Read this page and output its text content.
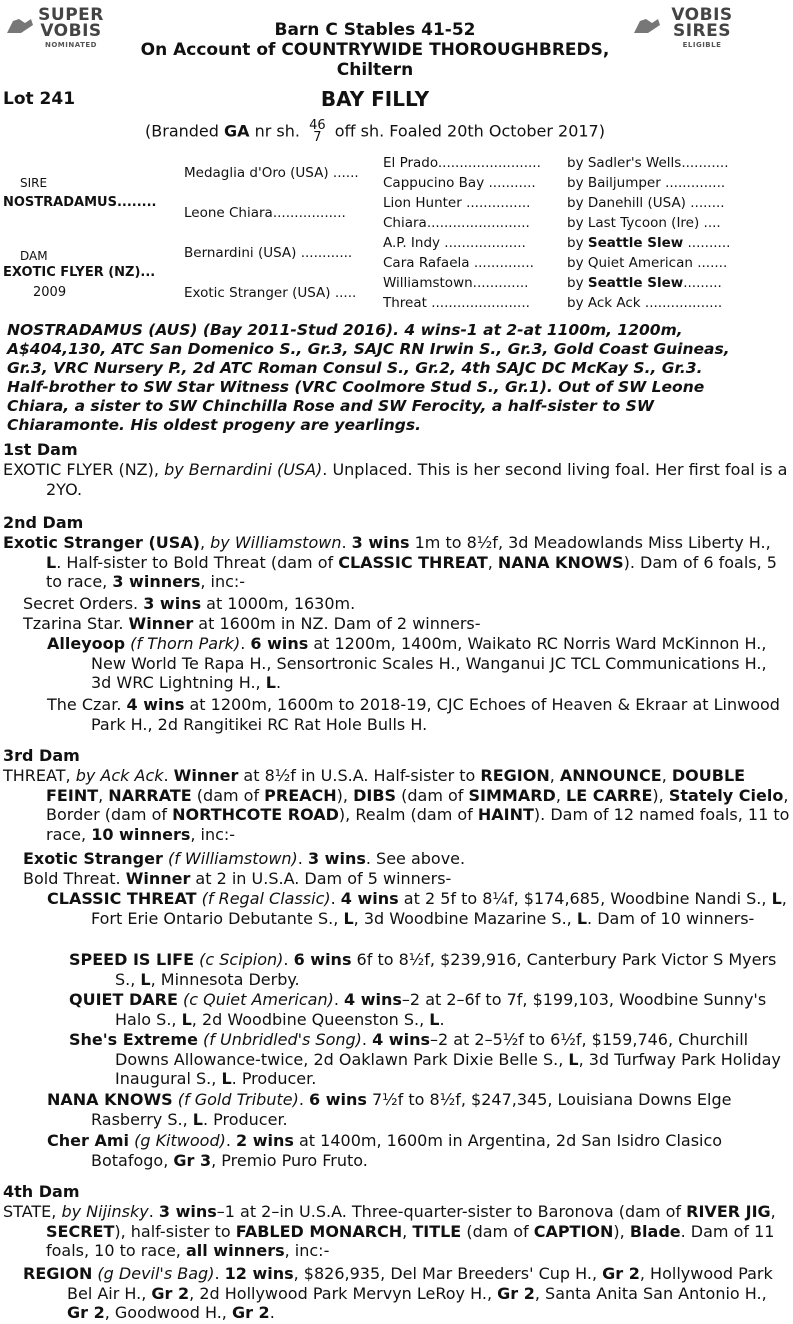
SUPER
VOBIS
NOMINATED
VOBIS
SIRES
ELIGIBLE
Barn C Stables 41-52
On Account of COUNTRYWIDE THOROUGHBREDS,
Chiltern
Lot 241	BAY FILLY
(Branded GA nr sh. 46
7 off sh. Foaled 20th October 2017)
SIRE
NOSTRADAMUS........
DAM
EXOTIC FLYER (NZ)...
2009
Medaglia d'Oro (USA) ......
Leone Chiara.................
Bernardini (USA) ............
Exotic Stranger (USA) .....
El Prado........................
Cappucino Bay ...........
Lion Hunter ...............
Chiara........................
A.P. Indy ...................
Cara Rafaela ..............
Williamstown.............
Threat .......................
by Sadler's Wells...........
by Bailjumper ..............
by Danehill (USA) ........
by Last Tycoon (Ire) ....
by Seattle Slew ..........
by Quiet American .......
by Seattle Slew.........
by Ack Ack ..................
NOSTRADAMUS (AUS) (Bay 2011-Stud 2016). 4 wins-1 at 2-at 1100m, 1200m, A$404,130, ATC San Domenico S., Gr.3, SAJC RN Irwin S., Gr.3, Gold Coast Guineas, Gr.3, VRC Nursery P., 2d ATC Roman Consul S., Gr.2, 4th SAJC DC McKay S., Gr.3. Half-brother to SW Star Witness (VRC Coolmore Stud S., Gr.1). Out of SW Leone Chiara, a sister to SW Chinchilla Rose and SW Ferocity, a half-sister to SW Chiaramonte. His oldest progeny are yearlings.
1st Dam
EXOTIC FLYER (NZ), by Bernardini (USA). Unplaced. This is her second living foal. Her first foal is a 2YO.
2nd Dam
Exotic Stranger (USA), by Williamstown. 3 wins 1m to 8½f, 3d Meadowlands Miss Liberty H., L. Half-sister to Bold Threat (dam of CLASSIC THREAT, NANA KNOWS). Dam of 6 foals, 5 to race, 3 winners, inc:-
Secret Orders. 3 wins at 1000m, 1630m.
Tzarina Star. Winner at 1600m in NZ. Dam of 2 winners-
Alleyoop (f Thorn Park). 6 wins at 1200m, 1400m, Waikato RC Norris Ward McKinnon H., New World Te Rapa H., Sensortronic Scales H., Wanganui JC TCL Communications H., 3d WRC Lightning H., L.
The Czar. 4 wins at 1200m, 1600m to 2018-19, CJC Echoes of Heaven & Ekraar at Linwood Park H., 2d Rangitikei RC Rat Hole Bulls H.
3rd Dam
THREAT, by Ack Ack. Winner at 8½f in U.S.A. Half-sister to REGION, ANNOUNCE, DOUBLE FEINT, NARRATE (dam of PREACH), DIBS (dam of SIMMARD, LE CARRE), Stately Cielo, Border (dam of NORTHCOTE ROAD), Realm (dam of HAINT). Dam of 12 named foals, 11 to race, 10 winners, inc:-
Exotic Stranger (f Williamstown). 3 wins. See above.
Bold Threat. Winner at 2 in U.S.A. Dam of 5 winners-
CLASSIC THREAT (f Regal Classic). 4 wins at 2 5f to 8¼f, $174,685, Woodbine Nandi S., L, Fort Erie Ontario Debutante S., L, 3d Woodbine Mazarine S., L. Dam of 10 winners-
SPEED IS LIFE (c Scipion). 6 wins 6f to 8½f, $239,916, Canterbury Park Victor S Myers S., L, Minnesota Derby.
QUIET DARE (c Quiet American). 4 wins–2 at 2–6f to 7f, $199,103, Woodbine Sunny's Halo S., L, 2d Woodbine Queenston S., L.
She's Extreme (f Unbridled's Song). 4 wins–2 at 2–5½f to 6½f, $159,746, Churchill Downs Allowance-twice, 2d Oaklawn Park Dixie Belle S., L, 3d Turfway Park Holiday Inaugural S., L. Producer.
NANA KNOWS (f Gold Tribute). 6 wins 7½f to 8½f, $247,345, Louisiana Downs Elge Rasberry S., L. Producer.
Cher Ami (g Kitwood). 2 wins at 1400m, 1600m in Argentina, 2d San Isidro Clasico Botafogo, Gr 3, Premio Puro Fruto.
4th Dam
STATE, by Nijinsky. 3 wins–1 at 2–in U.S.A. Three-quarter-sister to Baronova (dam of RIVER JIG, SECRET), half-sister to FABLED MONARCH, TITLE (dam of CAPTION), Blade. Dam of 11 foals, 10 to race, all winners, inc:-
REGION (g Devil's Bag). 12 wins, $826,935, Del Mar Breeders' Cup H., Gr 2, Hollywood Park Bel Air H., Gr 2, 2d Hollywood Park Mervyn LeRoy H., Gr 2, Santa Anita San Antonio H., Gr 2, Goodwood H., Gr 2.
